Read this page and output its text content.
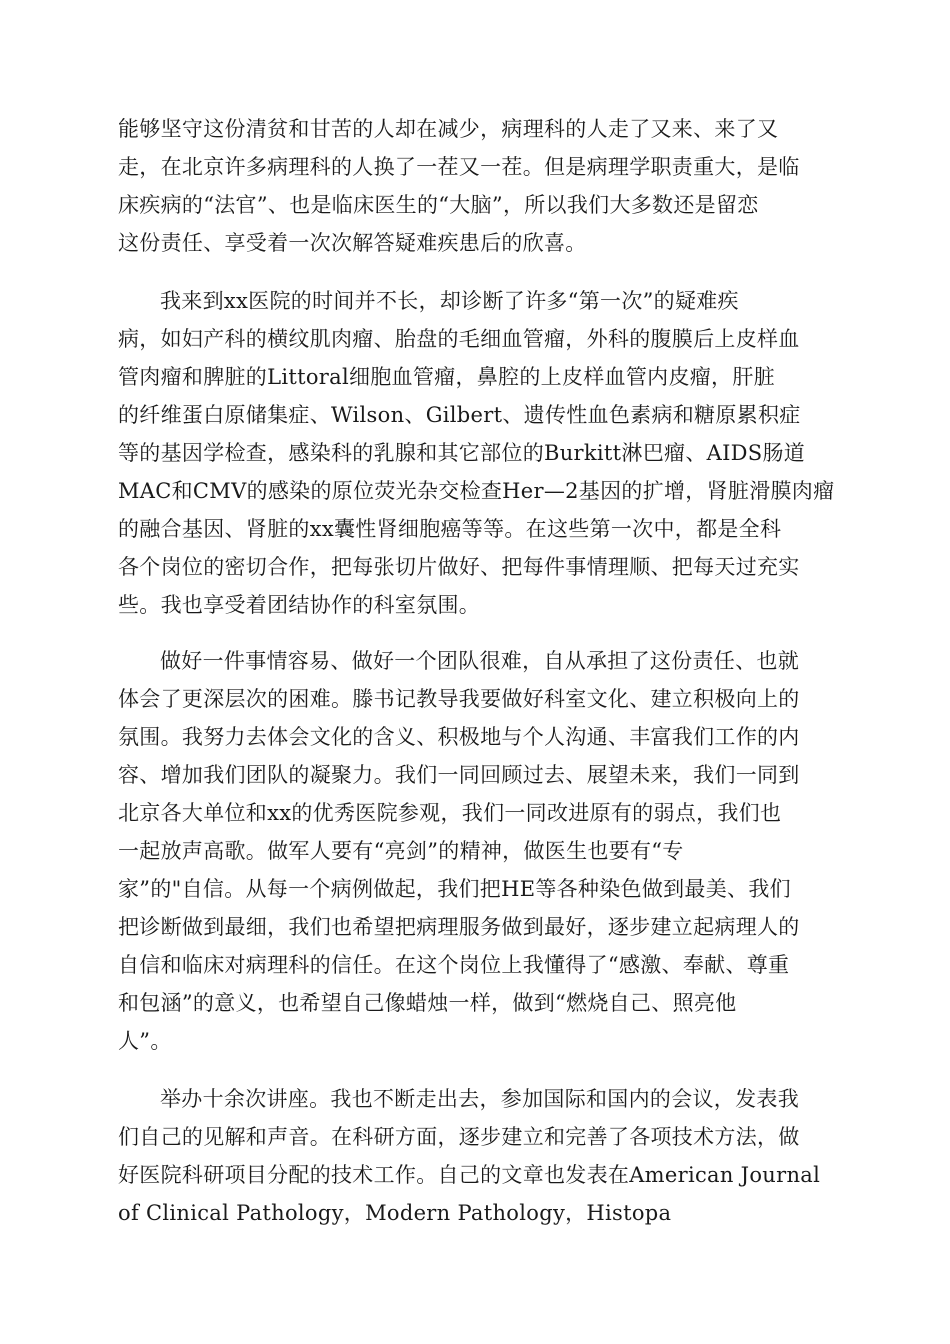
能够坚守这份清贫和甘苦的人却在减少，病理科的人走了又来、来了又
走，在北京许多病理科的人换了一茬又一茬。但是病理学职责重大，是临
床疾病的“法官”、也是临床医生的“大脑”，所以我们大多数还是留恋
这份责任、享受着一次次解答疑难疾患后的欣喜。
我来到xx医院的时间并不长，却诊断了许多“第一次”的疑难疾
病，如妇产科的横纹肌肉瘤、胎盘的毛细血管瘤，外科的腹膜后上皮样血
管肉瘤和脾脏的Littoral细胞血管瘤，鼻腔的上皮样血管内皮瘤，肝脏
的纤维蛋白原储集症、Wilson、Gilbert、遗传性血色素病和糖原累积症
等的基因学检查，感染科的乳腺和其它部位的Burkitt淋巴瘤、AIDS肠道
MAC和CMV的感染的原位荧光杂交检查Her—2基因的扩增，肾脏滑膜肉瘤
的融合基因、肾脏的xx囊性肾细胞癌等等。在这些第一次中，都是全科
各个岗位的密切合作，把每张切片做好、把每件事情理顺、把每天过充实
些。我也享受着团结协作的科室氛围。
做好一件事情容易、做好一个团队很难，自从承担了这份责任、也就
体会了更深层次的困难。滕书记教导我要做好科室文化、建立积极向上的
氛围。我努力去体会文化的含义、积极地与个人沟通、丰富我们工作的内
容、增加我们团队的凝聚力。我们一同回顾过去、展望未来，我们一同到
北京各大单位和xx的优秀医院参观，我们一同改进原有的弱点，我们也
一起放声高歌。做军人要有“亮剑”的精神，做医生也要有“专
家”的"自信。从每一个病例做起，我们把HE等各种染色做到最美、我们
把诊断做到最细，我们也希望把病理服务做到最好，逐步建立起病理人的
自信和临床对病理科的信任。在这个岗位上我懂得了“感激、奉献、尊重
和包涵”的意义，也希望自己像蜡烛一样，做到“燃烧自己、照亮他
人”。
举办十余次讲座。我也不断走出去，参加国际和国内的会议，发表我
们自己的见解和声音。在科研方面，逐步建立和完善了各项技术方法，做
好医院科研项目分配的技术工作。自己的文章也发表在American Journal
of Clinical Pathology，Modern Pathology，Histopa
